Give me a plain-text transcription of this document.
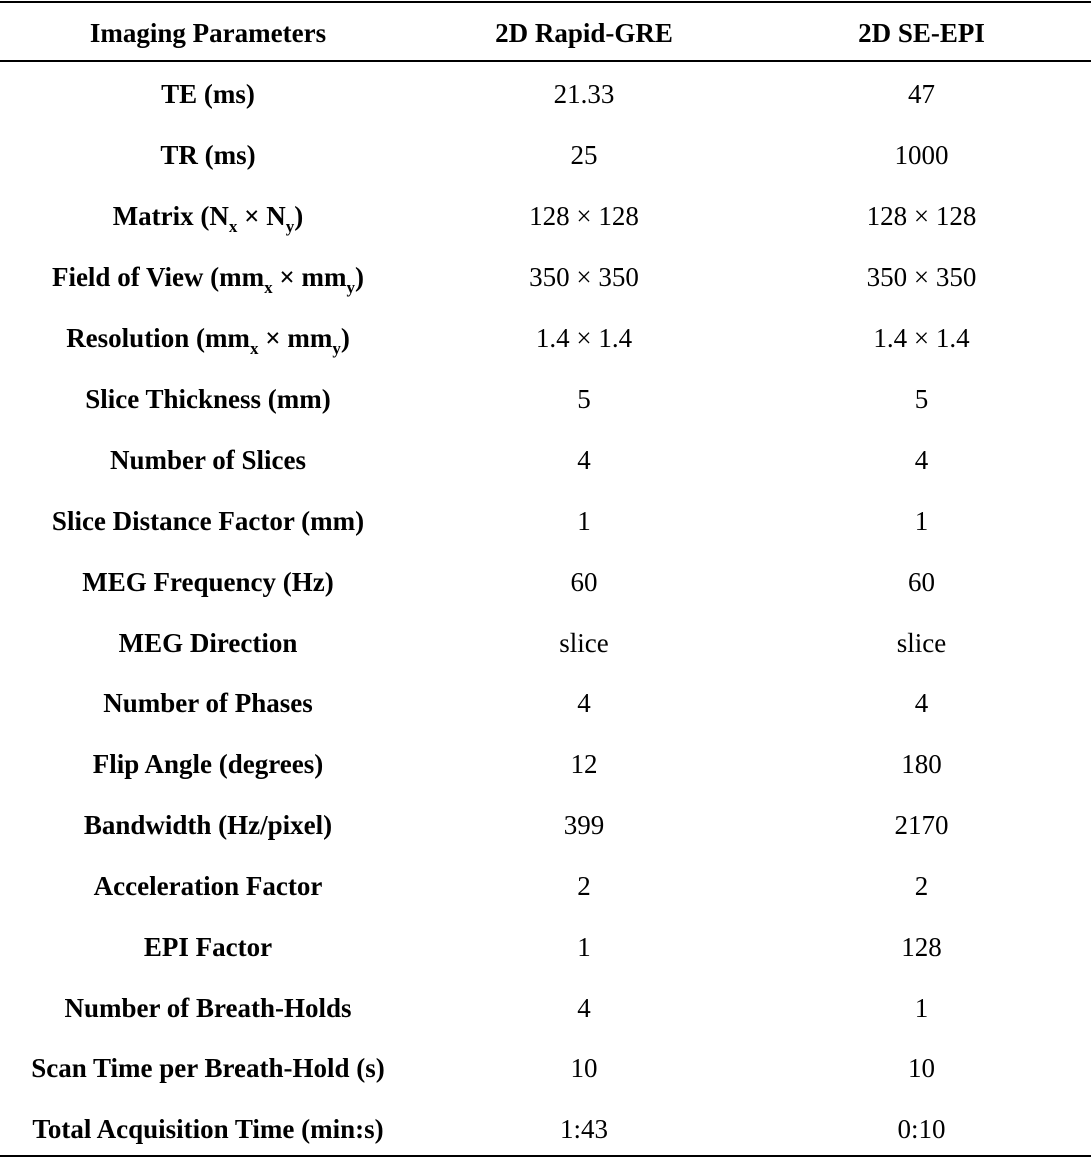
Imaging Parameters	2D Rapid-GRE	2D SE-EPI
TE (ms)	21.33	47
TR (ms)	25	1000
Matrix $(N_x \times N_y)$	128 × 128	128 × 128
Field of View $(mm_x \times mm_y)$	350 × 350	350 × 350
Resolution $(mm_x \times mm_y)$	1.4 × 1.4	1.4 × 1.4
Slice Thickness (mm)	5	5
Number of Slices	4	4
Slice Distance Factor (mm)	1	1
MEG Frequency (Hz)	60	60
MEG Direction	slice	slice
Number of Phases	4	4
Flip Angle (degrees)	12	180
Bandwidth (Hz/pixel)	399	2170
Acceleration Factor	2	2
EPI Factor	1	128
Number of Breath-Holds	4	1
Scan Time per Breath-Hold (s)	10	10
Total Acquisition Time (min:s)	1:43	0:10
